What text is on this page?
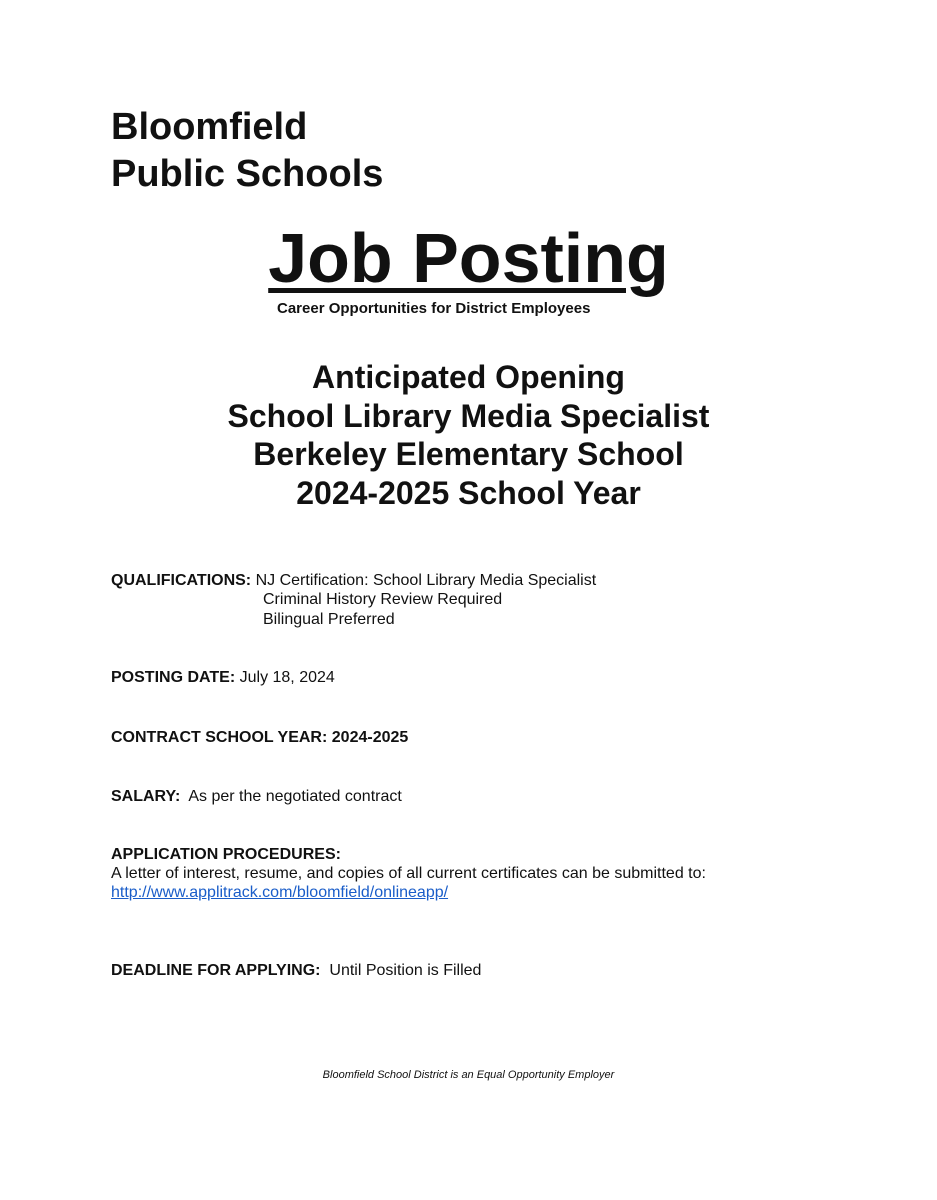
Bloomfield
Public Schools
Job Posting
Career Opportunities for District Employees
Anticipated Opening
School Library Media Specialist
Berkeley Elementary School
2024-2025 School Year
QUALIFICATIONS: NJ Certification: School Library Media Specialist
Criminal History Review Required
Bilingual Preferred
POSTING DATE: July 18, 2024
CONTRACT SCHOOL YEAR: 2024-2025
SALARY: As per the negotiated contract
APPLICATION PROCEDURES:
A letter of interest, resume, and copies of all current certificates can be submitted to:
http://www.applitrack.com/bloomfield/onlineapp/
DEADLINE FOR APPLYING: Until Position is Filled
Bloomfield School District is an Equal Opportunity Employer
